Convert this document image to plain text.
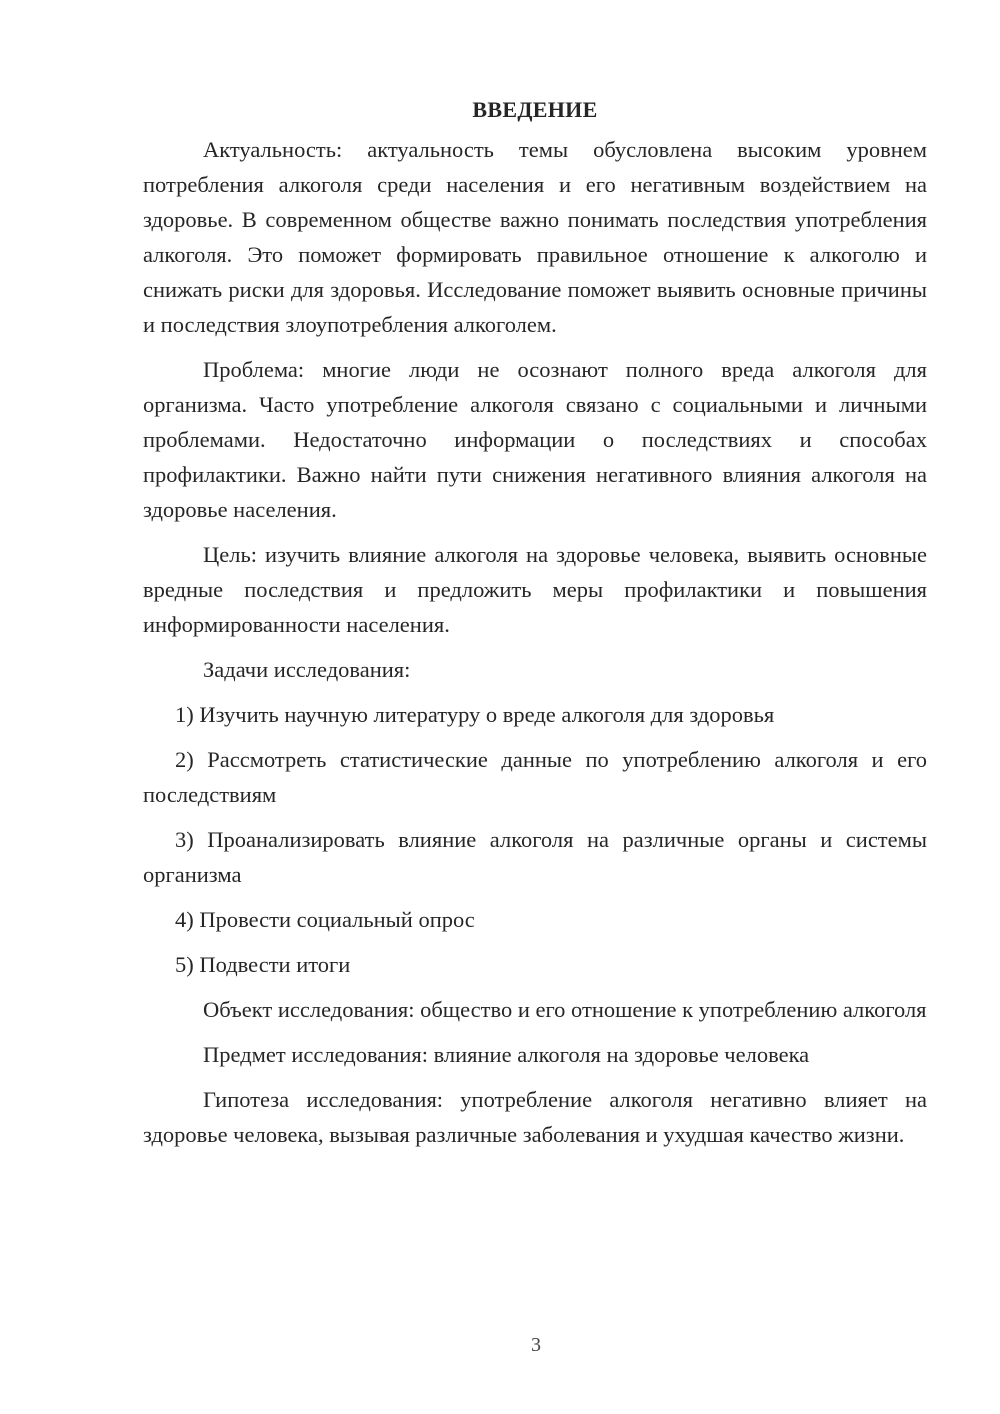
ВВЕДЕНИЕ

Актуальность: актуальность темы обусловлена высоким уровнем потребления алкоголя среди населения и его негативным воздействием на здоровье. В современном обществе важно понимать последствия употребления алкоголя. Это поможет формировать правильное отношение к алкоголю и снижать риски для здоровья. Исследование поможет выявить основные причины и последствия злоупотребления алкоголем.

Проблема: многие люди не осознают полного вреда алкоголя для организма. Часто употребление алкоголя связано с социальными и личными проблемами. Недостаточно информации о последствиях и способах профилактики. Важно найти пути снижения негативного влияния алкоголя на здоровье населения.

Цель: изучить влияние алкоголя на здоровье человека, выявить основные вредные последствия и предложить меры профилактики и повышения информированности населения.

Задачи исследования:

1) Изучить научную литературу о вреде алкоголя для здоровья

2) Рассмотреть статистические данные по употреблению алкоголя и его последствиям

3) Проанализировать влияние алкоголя на различные органы и системы организма

4) Провести социальный опрос

5) Подвести итоги

Объект исследования: общество и его отношение к употреблению алкоголя

Предмет исследования: влияние алкоголя на здоровье человека

Гипотеза исследования: употребление алкоголя негативно влияет на здоровье человека, вызывая различные заболевания и ухудшая качество жизни.

3
